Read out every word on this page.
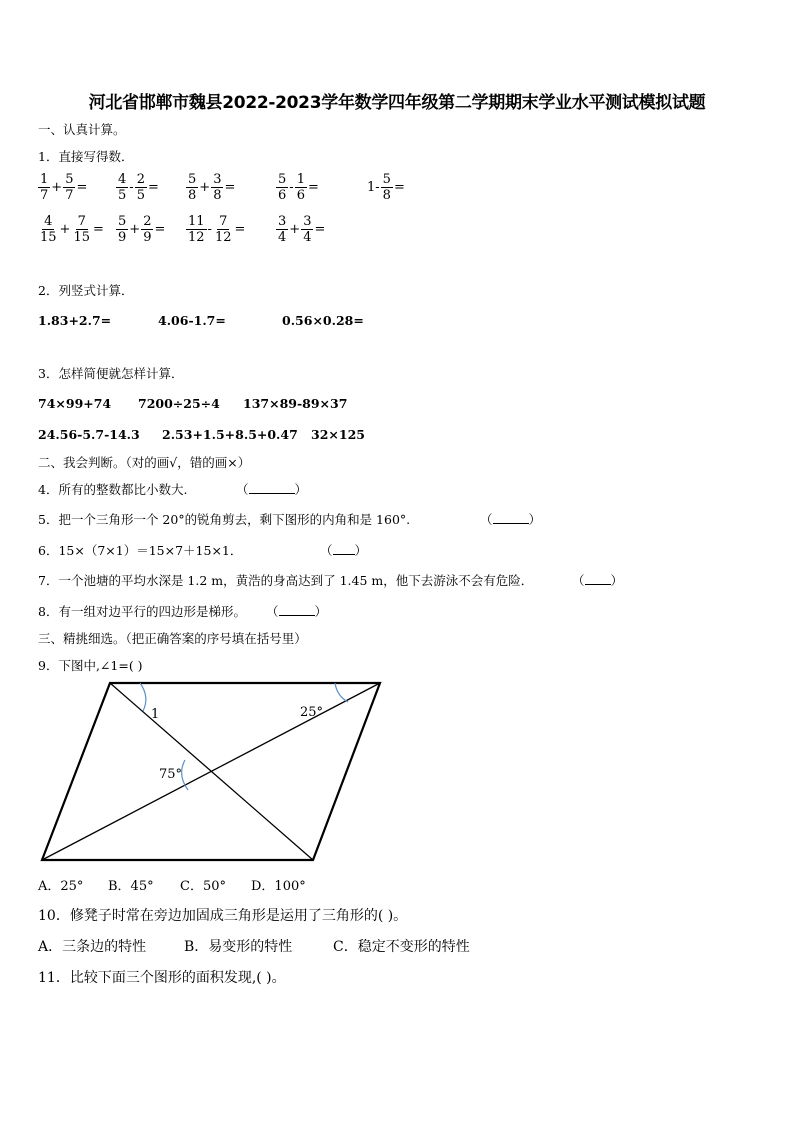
河北省邯郸市魏县2022-2023学年数学四年级第二学期期末学业水平测试模拟试题
一、认真计算。
1．直接写得数．
$\frac{1}{7} + \frac{5}{7} = \frac{4}{5} - \frac{2}{5} = \frac{5}{8} + \frac{3}{8}$ =	$\frac{5}{6} - \frac{1}{6}$ =	$1- \frac{5}{8}$ =
$\frac{4}{15} + \frac{7}{15} = \frac{5}{9} + \frac{2}{9} = \frac{11}{12} - \frac{7}{12} = \frac{3}{4} + \frac{3}{4}$ =
2．列竖式计算．
1.83+2.7=	4.06-1.7=	0.56×0.28=
3．怎样简便就怎样计算．
74×99+74 7200÷25÷4 137×89-89×37
24.56-5.7-14.3 2.53+1.5+8.5+0.47 32×125
二、我会判断。（对的画√，错的画×）
4．所有的整数都比小数大.	（	）
5．把一个三角形一个 20°的锐角剪去，剩下图形的内角和是 160°.	（	）
6．15×（7×1）＝15×7＋15×1．	（ ）
7．一个池塘的平均水深是 1.2 m，黄浩的身高达到了 1.45 m，他下去游泳不会有危险．	（ ）
8．有一组对边平行的四边形是梯形。 （	）
三、精挑细选。（把正确答案的序号填在括号里）
9．下图中,∠1=( )
1	25°
75°
A．25° B．45° C．50° D．100°
10．修凳子时常在旁边加固成三角形是运用了三角形的( )。
A．三条边的特性	B．易变形的特性	C．稳定不变形的特性
11．比较下面三个图形的面积发现,( )。
